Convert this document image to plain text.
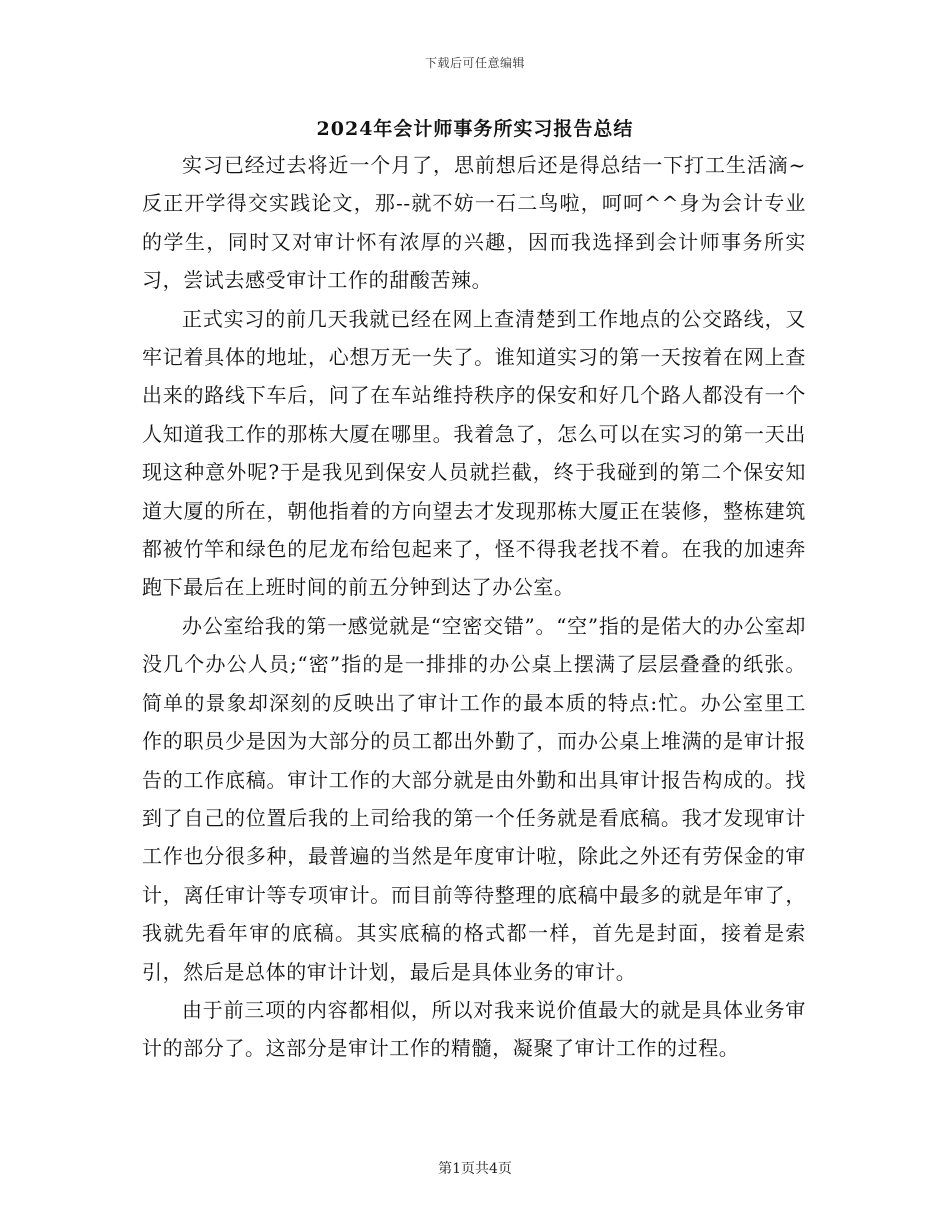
下载后可任意编辑
2024年会计师事务所实习报告总结

实习已经过去将近一个月了，思前想后还是得总结一下打工生活滴~反正开学得交实践论文，那--就不妨一石二鸟啦，呵呵^^身为会计专业的学生，同时又对审计怀有浓厚的兴趣，因而我选择到会计师事务所实习，尝试去感受审计工作的甜酸苦辣。

正式实习的前几天我就已经在网上查清楚到工作地点的公交路线，又牢记着具体的地址，心想万无一失了。谁知道实习的第一天按着在网上查出来的路线下车后，问了在车站维持秩序的保安和好几个路人都没有一个人知道我工作的那栋大厦在哪里。我着急了，怎么可以在实习的第一天出现这种意外呢?于是我见到保安人员就拦截，终于我碰到的第二个保安知道大厦的所在，朝他指着的方向望去才发现那栋大厦正在装修，整栋建筑都被竹竿和绿色的尼龙布给包起来了，怪不得我老找不着。在我的加速奔跑下最后在上班时间的前五分钟到达了办公室。

办公室给我的第一感觉就是“空密交错”。“空”指的是偌大的办公室却没几个办公人员;“密”指的是一排排的办公桌上摆满了层层叠叠的纸张。简单的景象却深刻的反映出了审计工作的最本质的特点:忙。办公室里工作的职员少是因为大部分的员工都出外勤了，而办公桌上堆满的是审计报告的工作底稿。审计工作的大部分就是由外勤和出具审计报告构成的。找到了自己的位置后我的上司给我的第一个任务就是看底稿。我才发现审计工作也分很多种，最普遍的当然是年度审计啦，除此之外还有劳保金的审计，离任审计等专项审计。而目前等待整理的底稿中最多的就是年审了，我就先看年审的底稿。其实底稿的格式都一样，首先是封面，接着是索引，然后是总体的审计计划，最后是具体业务的审计。

由于前三项的内容都相似，所以对我来说价值最大的就是具体业务审计的部分了。这部分是审计工作的精髓，凝聚了审计工作的过程。

第1页共4页
